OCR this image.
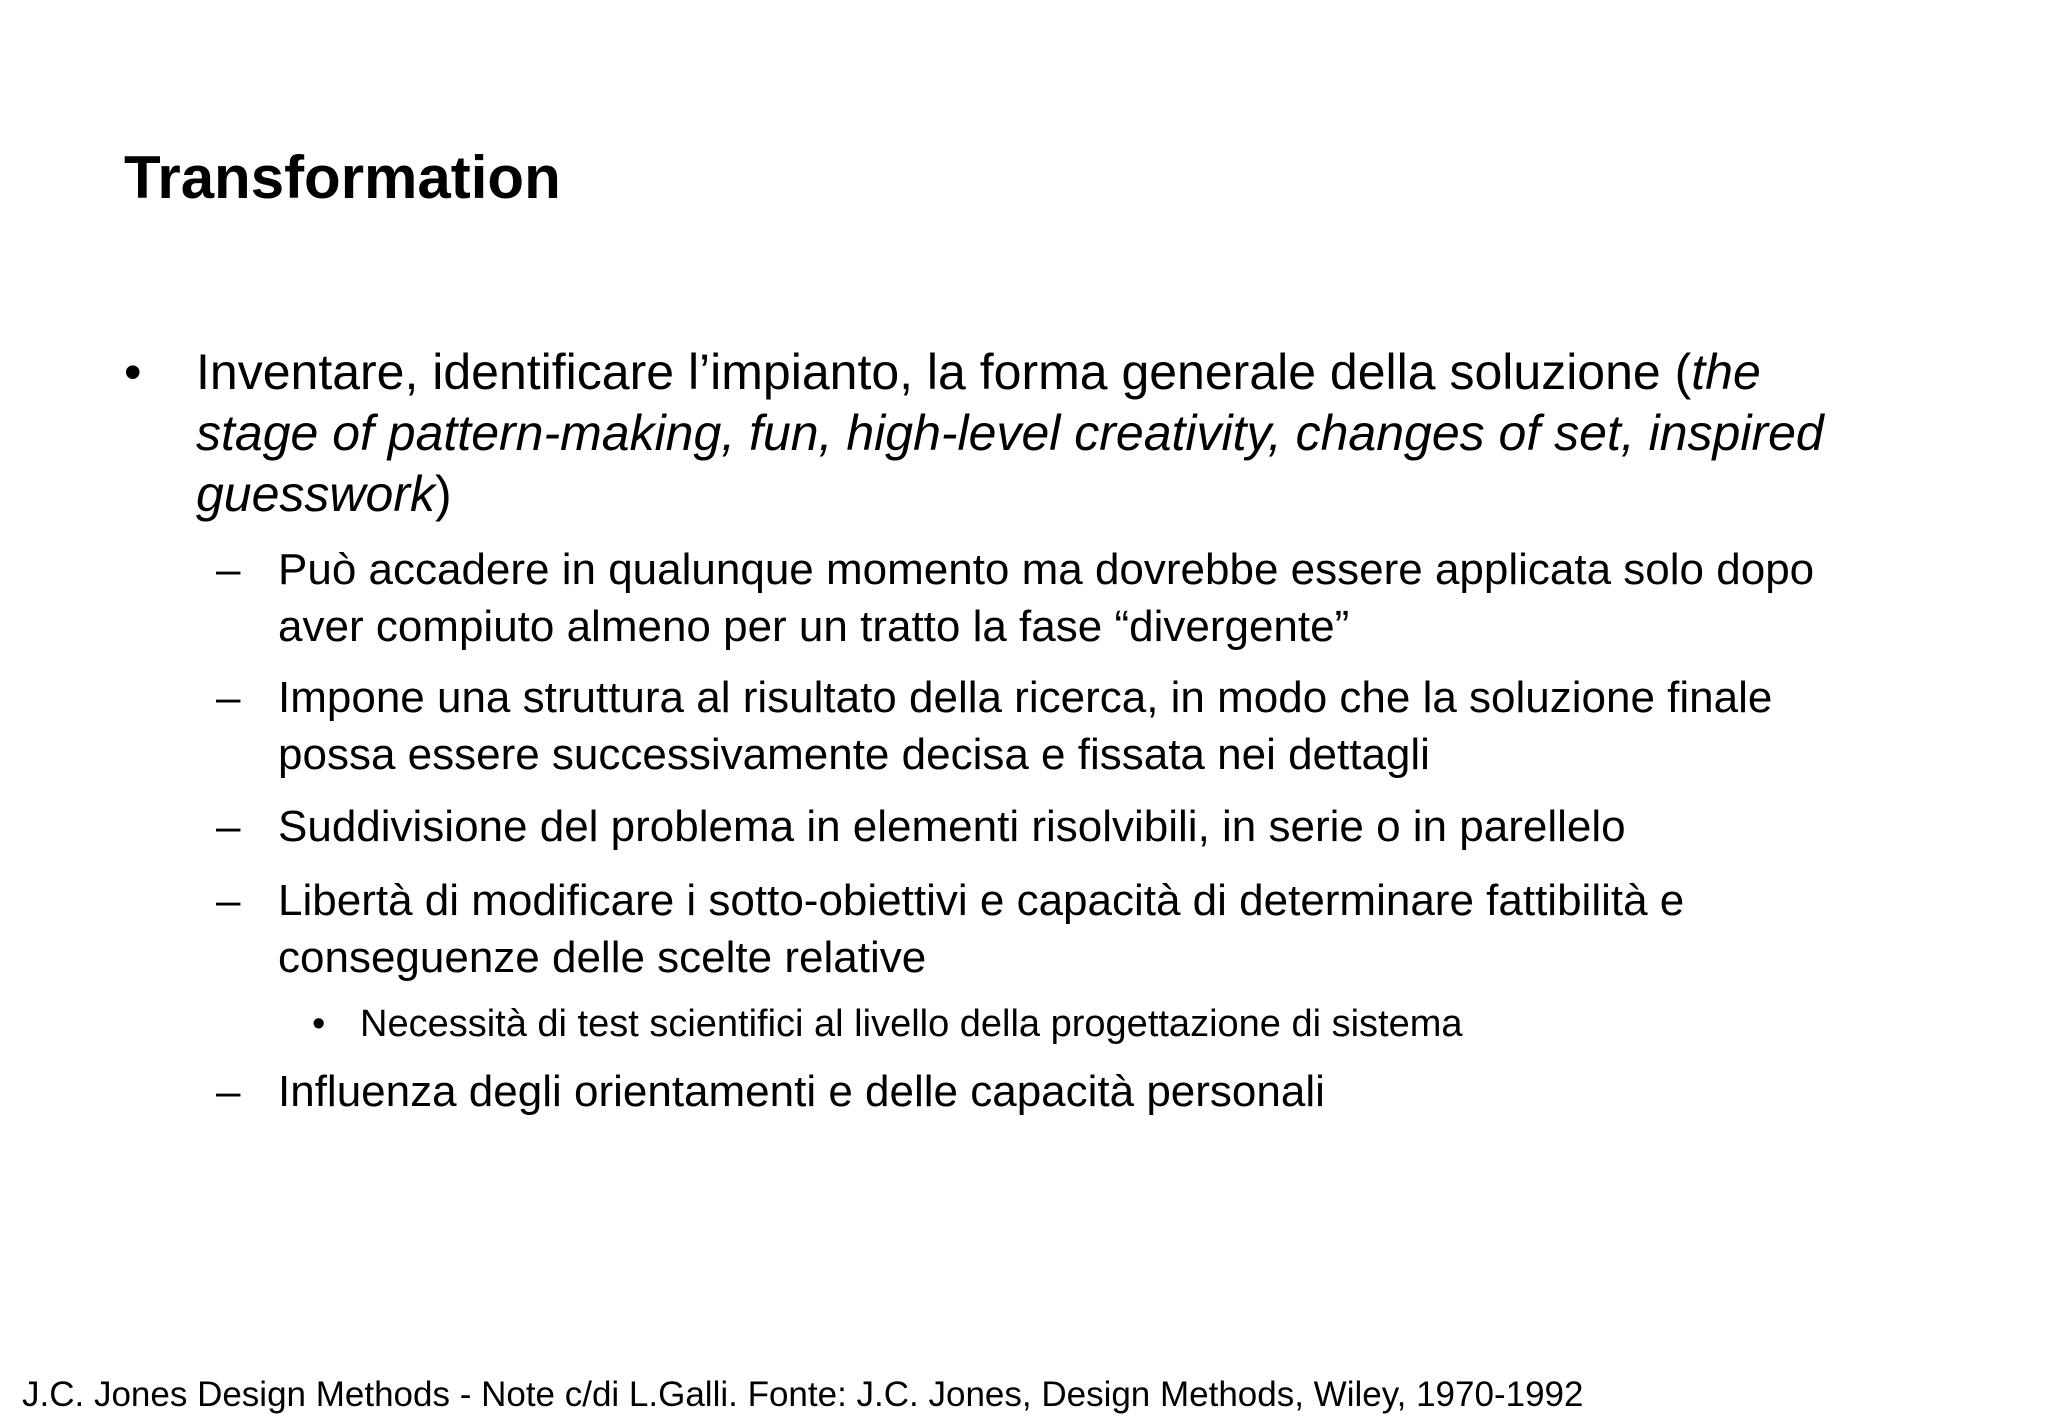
Transformation
• Inventare, identificare l’impianto, la forma generale della soluzione (the
stage of pattern-making, fun, high-level creativity, changes of set, inspired
guesswork)
– Può accadere in qualunque momento ma dovrebbe essere applicata solo dopo
aver compiuto almeno per un tratto la fase “divergente”
– Impone una struttura al risultato della ricerca, in modo che la soluzione finale
possa essere successivamente decisa e fissata nei dettagli
– Suddivisione del problema in elementi risolvibili, in serie o in parellelo
– Libertà di modificare i sotto-obiettivi e capacità di determinare fattibilità e
conseguenze delle scelte relative
• Necessità di test scientifici al livello della progettazione di sistema
– Influenza degli orientamenti e delle capacità personali
J.C. Jones Design Methods - Note c/di L.Galli. Fonte: J.C. Jones, Design Methods, Wiley, 1970-1992
